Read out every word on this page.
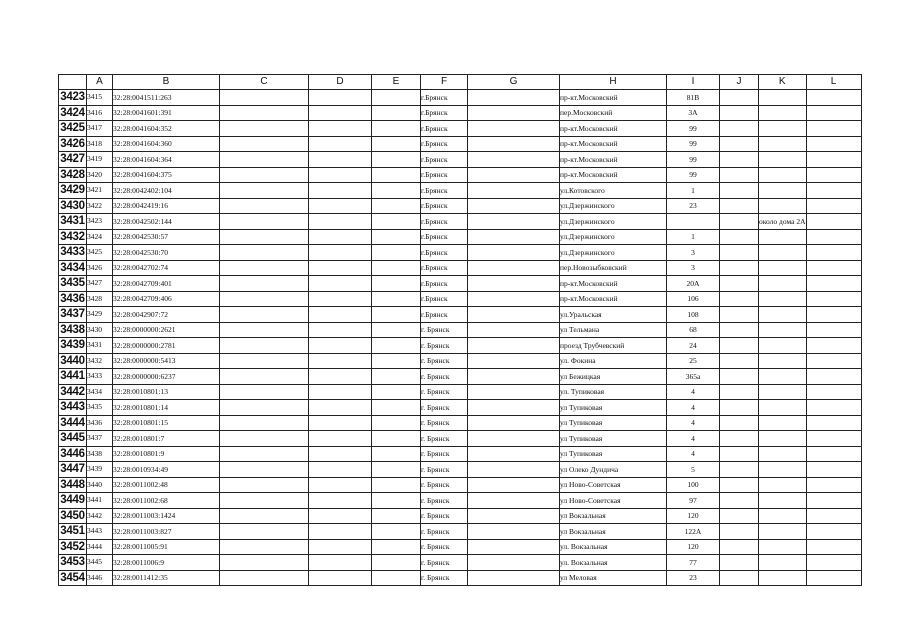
	A	B	C	D	E	F	G	H	I	J	K	L
3423	3415	32:28:0041511:263				г.Брянск		пр-кт.Московский	81В			
3424	3416	32:28:0041601:391				г.Брянск		пер.Московский	3А			
3425	3417	32:28:0041604:352				г.Брянск		пр-кт.Московский	99			
3426	3418	32:28:0041604:360				г.Брянск		пр-кт.Московский	99			
3427	3419	32:28:0041604:364				г.Брянск		пр-кт.Московский	99			
3428	3420	32:28:0041604:375				г.Брянск		пр-кт.Московский	99			
3429	3421	32:28:0042402:104				г.Брянск		ул.Котовского	1			
3430	3422	32:28:0042419:16				г.Брянск		ул.Дзержинского	23			
3431	3423	32:28:0042502:144				г.Брянск		ул.Дзержинского			около дома 2А	
3432	3424	32:28:0042530:57				г.Брянск		ул.Дзержинского	1			
3433	3425	32:28:0042530:70				г.Брянск		ул.Дзержинского	3			
3434	3426	32:28:0042702:74				г.Брянск		пер.Новозыбковский	3			
3435	3427	32:28:0042709:401				г.Брянск		пр-кт.Московский	20А			
3436	3428	32:28:0042709:406				г.Брянск		пр-кт.Московский	106			
3437	3429	32:28:0042907:72				г.Брянск		ул.Уральская	108			
3438	3430	32:28:0000000:2621				г. Брянск		ул Тельмана	68			
3439	3431	32:28:0000000:2781				г. Брянск		проезд Трубчевский	24			
3440	3432	32:28:0000000:5413				г. Брянск		ул. Фокина	25			
3441	3433	32:28:0000000:6237				г. Брянск		ул Бежицкая	365а			
3442	3434	32:28:0010801:13				г. Брянск		ул. Тупиковая	4			
3443	3435	32:28:0010801:14				г. Брянск		ул Тупиковая	4			
3444	3436	32:28:0010801:15				г. Брянск		ул Тупиковая	4			
3445	3437	32:28:0010801:7				г. Брянск		ул Тупиковая	4			
3446	3438	32:28:0010801:9				г. Брянск		ул Тупиковая	4			
3447	3439	32:28:0010934:49				г. Брянск		ул Олеко Дундича	5			
3448	3440	32:28:0011002:48				г. Брянск		ул Ново-Советская	100			
3449	3441	32:28:0011002:68				г. Брянск		ул Ново-Советская	97			
3450	3442	32:28:0011003:1424				г. Брянск		ул Вокзальная	120			
3451	3443	32:28:0011003:827				г. Брянск		ул Вокзальная	122А			
3452	3444	32:28:0011005:91				г. Брянск		ул. Вокзальная	120			
3453	3445	32:28:0011006:9				г. Брянск		ул. Вокзальная	77			
3454	3446	32:28:0011412:35				г. Брянск		ул Меловая	23			
